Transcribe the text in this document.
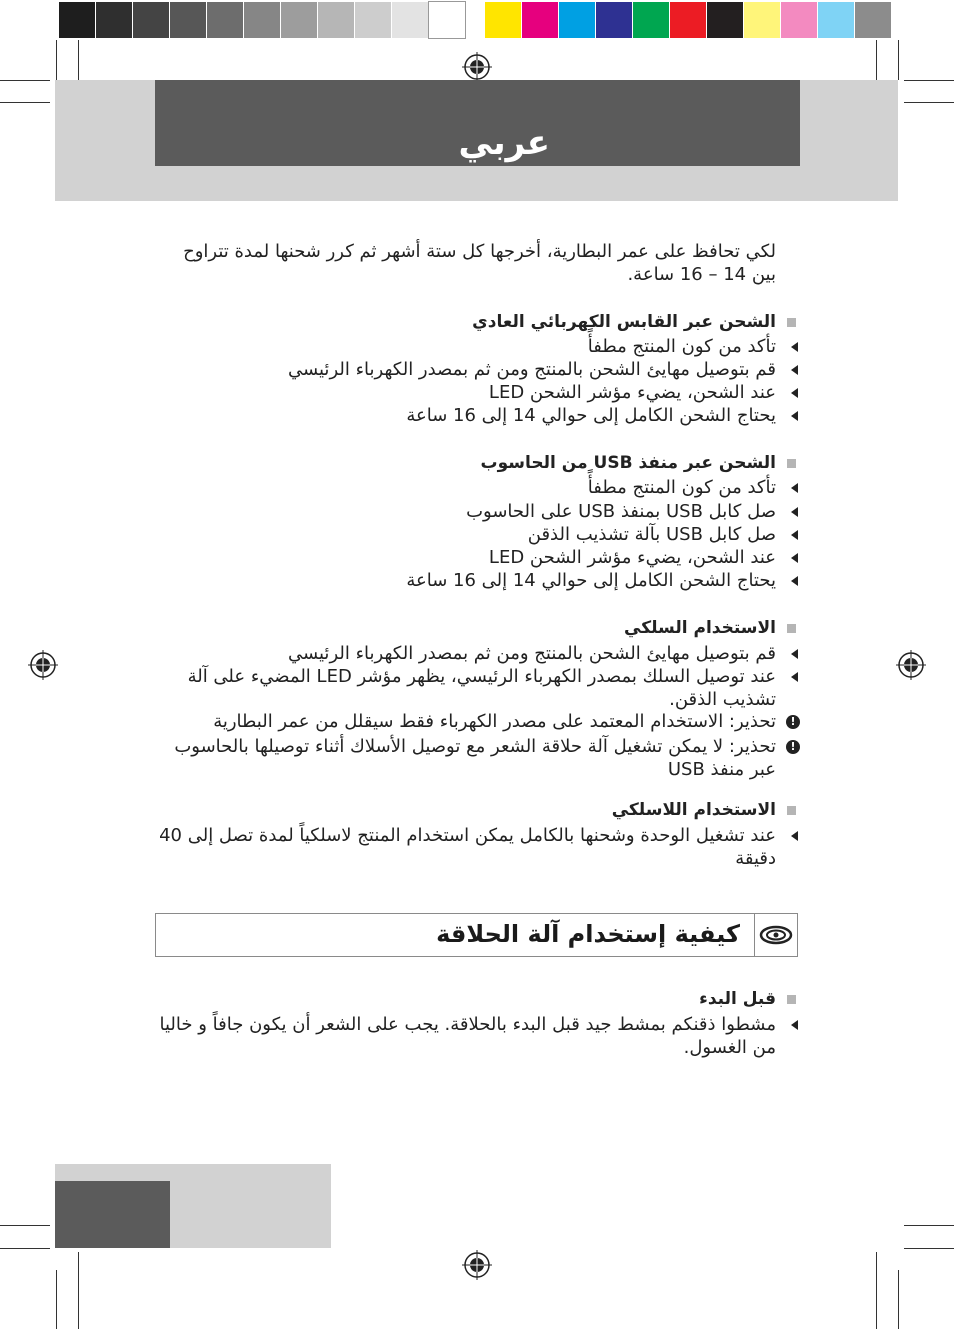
عربي
لكي تحافظ على عمر البطارية، أخرجها كل ستة أشهر ثم كرر شحنها لمدة تتراوح بين 14 – 16 ساعة.
الشحن عبر القابس الكهربائي العادي
تأكد من كون المنتج مطفأً
قم بتوصيل مهايئ الشحن بالمنتج ومن ثم بمصدر الكهرباء الرئيسي
عند الشحن، يضيء مؤشر الشحن LED
يحتاج الشحن الكامل إلى حوالي 14 إلى 16 ساعة
الشحن عبر منفذ USB من الحاسوب
تأكد من كون المنتج مطفأً
صل كابل USB بمنفذ USB على الحاسوب
صل كابل USB بآلة تشذيب الذقن
عند الشحن، يضيء مؤشر الشحن LED
يحتاج الشحن الكامل إلى حوالي 14 إلى 16 ساعة
الاستخدام السلكي
قم بتوصيل مهايئ الشحن بالمنتج ومن ثم بمصدر الكهرباء الرئيسي
عند توصيل السلك بمصدر الكهرباء الرئيسي، يظهر مؤشر LED المضيء على آلة تشذيب الذقن.
!
تحذير: الاستخدام المعتمد على مصدر الكهرباء فقط سيقلل من عمر البطارية
!
تحذير: لا يمكن تشغيل آلة حلاقة الشعر مع توصيل الأسلاك أثناء توصيلها بالحاسوب عبر منفذ USB
الاستخدام اللاسلكي
عند تشغيل الوحدة وشحنها بالكامل يمكن استخدام المنتج لاسلكياً لمدة تصل إلى 40 دقيقة
كيفية إستخدام آلة الحلاقة
قبل البدء
مشطوا ذقنكم بمشط جيد قبل البدء بالحلاقة. يجب على الشعر أن يكون جافاً و خاليا من الغسول.
